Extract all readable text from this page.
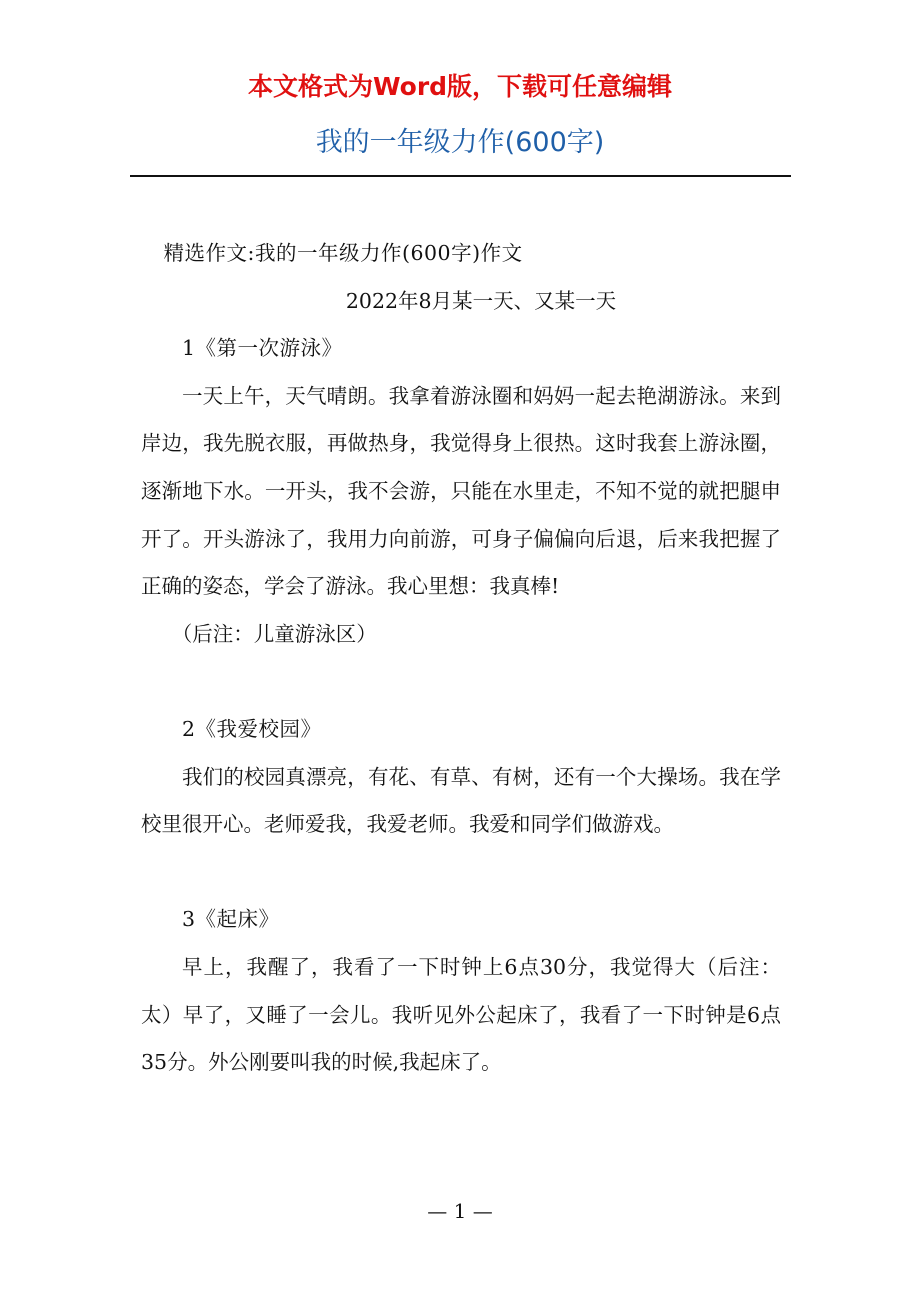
本文格式为Word版，下载可任意编辑
我的一年级力作(600字)

精选作文:我的一年级力作(600字)作文

2022年8月某一天、又某一天

1《第一次游泳》

一天上午，天气晴朗。我拿着游泳圈和妈妈一起去艳湖游泳。来到岸边，我先脱衣服，再做热身，我觉得身上很热。这时我套上游泳圈，逐渐地下水。一开头，我不会游，只能在水里走，不知不觉的就把腿申开了。开头游泳了，我用力向前游，可身子偏偏向后退，后来我把握了正确的姿态，学会了游泳。我心里想：我真棒!

（后注：儿童游泳区）

2《我爱校园》

我们的校园真漂亮，有花、有草、有树，还有一个大操场。我在学校里很开心。老师爱我，我爱老师。我爱和同学们做游戏。

3《起床》

早上，我醒了，我看了一下时钟上6点30分，我觉得大（后注：太）早了，又睡了一会儿。我听见外公起床了，我看了一下时钟是6点35分。外公刚要叫我的时候,我起床了。

— 1 —
